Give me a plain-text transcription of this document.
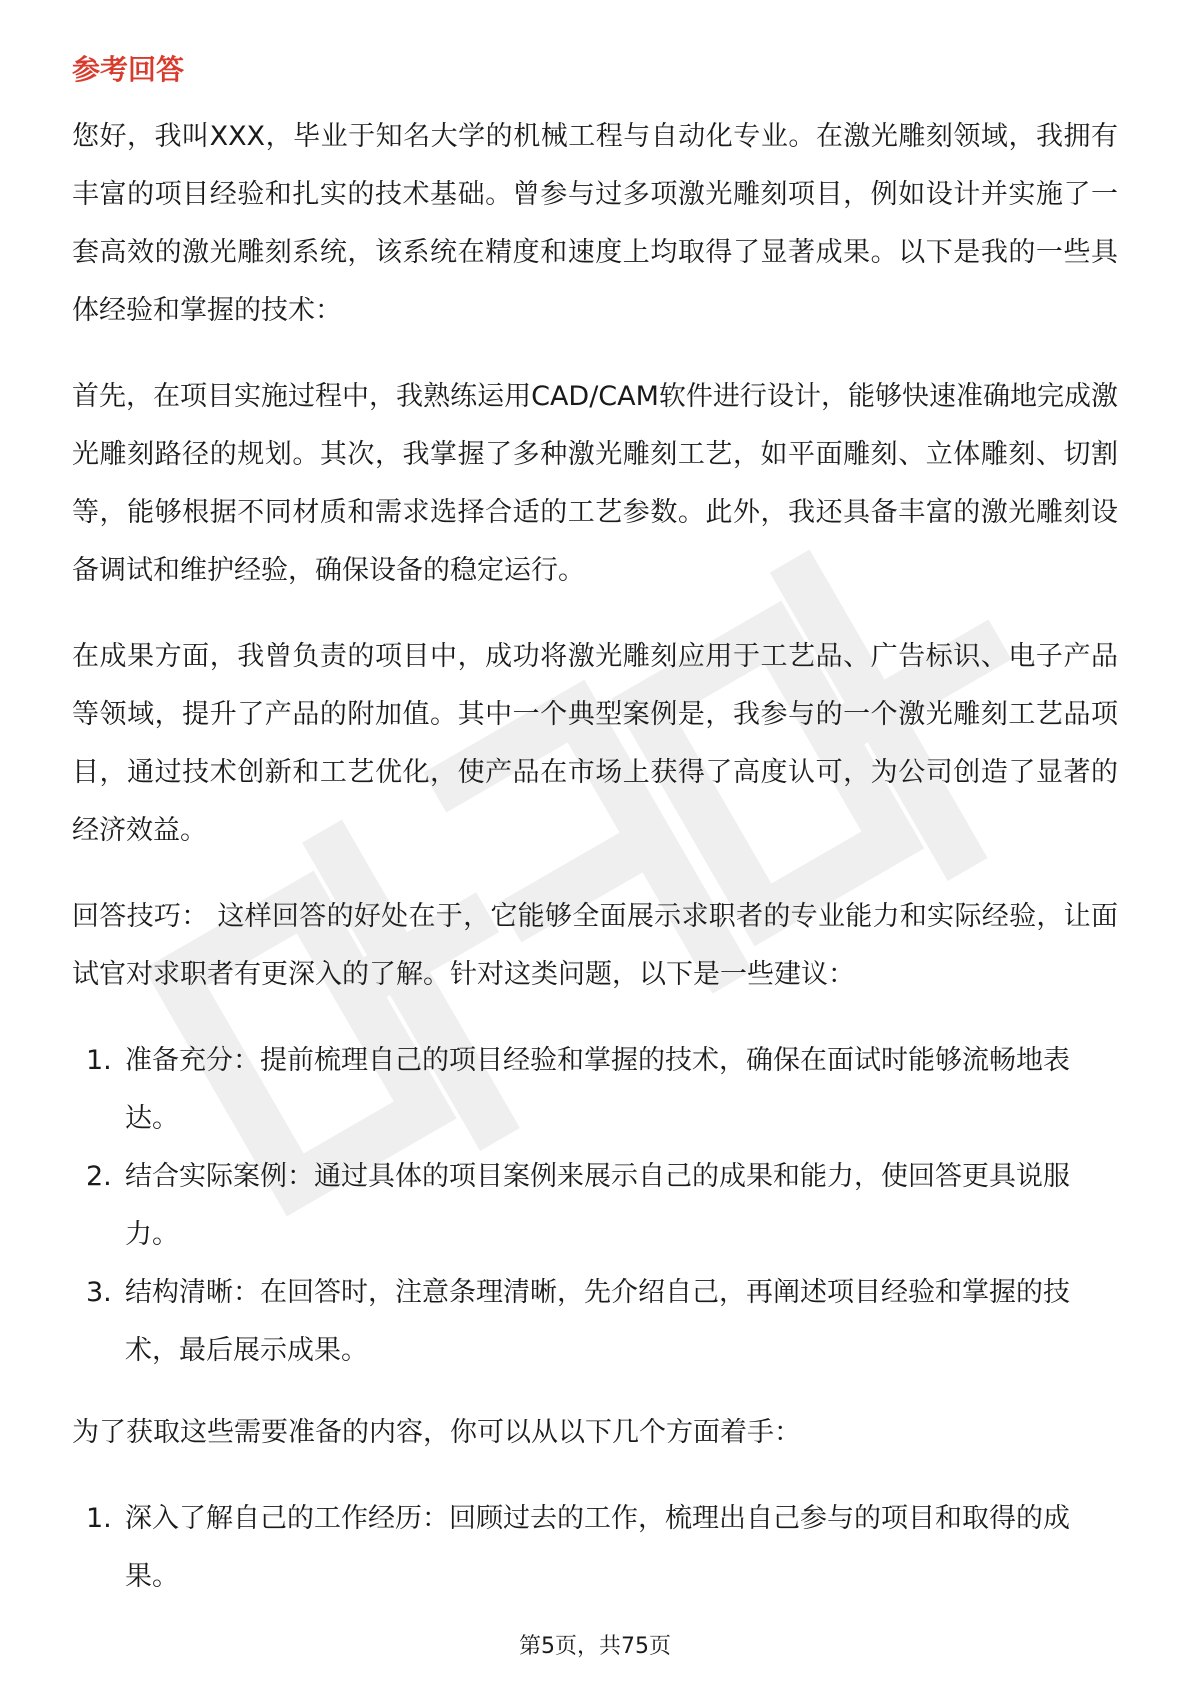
参考回答

您好，我叫XXX，毕业于知名大学的机械工程与自动化专业。在激光雕刻领域，我拥有丰富的项目经验和扎实的技术基础。曾参与过多项激光雕刻项目，例如设计并实施了一套高效的激光雕刻系统，该系统在精度和速度上均取得了显著成果。以下是我的一些具体经验和掌握的技术：

首先，在项目实施过程中，我熟练运用CAD/CAM软件进行设计，能够快速准确地完成激光雕刻路径的规划。其次，我掌握了多种激光雕刻工艺，如平面雕刻、立体雕刻、切割等，能够根据不同材质和需求选择合适的工艺参数。此外，我还具备丰富的激光雕刻设备调试和维护经验，确保设备的稳定运行。

在成果方面，我曾负责的项目中，成功将激光雕刻应用于工艺品、广告标识、电子产品等领域，提升了产品的附加值。其中一个典型案例是，我参与的一个激光雕刻工艺品项目，通过技术创新和工艺优化，使产品在市场上获得了高度认可，为公司创造了显著的经济效益。

回答技巧： 这样回答的好处在于，它能够全面展示求职者的专业能力和实际经验，让面试官对求职者有更深入的了解。针对这类问题，以下是一些建议：

1. 准备充分：提前梳理自己的项目经验和掌握的技术，确保在面试时能够流畅地表达。
2. 结合实际案例：通过具体的项目案例来展示自己的成果和能力，使回答更具说服力。
3. 结构清晰：在回答时，注意条理清晰，先介绍自己，再阐述项目经验和掌握的技术，最后展示成果。

为了获取这些需要准备的内容，你可以从以下几个方面着手：

1. 深入了解自己的工作经历：回顾过去的工作，梳理出自己参与的项目和取得的成果。
第5页，共75页
